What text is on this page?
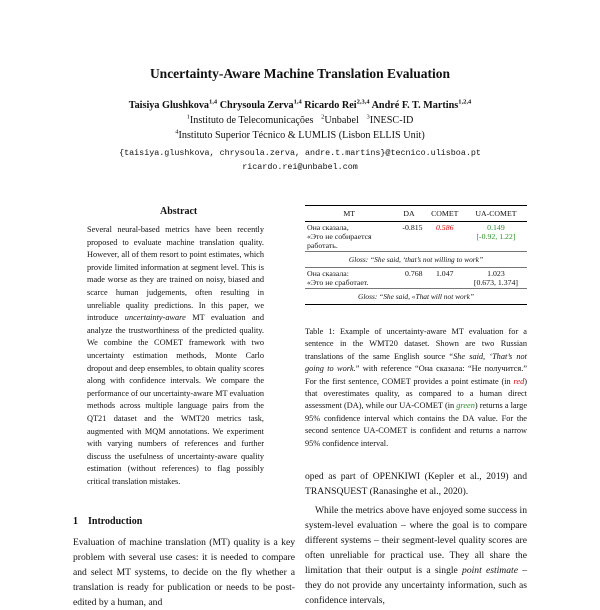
Uncertainty-Aware Machine Translation Evaluation
Taisiya Glushkova$^{1,4}$ Chrysoula Zerva$^{1,4}$ Ricardo Rei$^{2,3,4}$ André F. T. Martins$^{1,2,4}$
$^1$Instituto de Telecomunicações $^2$Unbabel $^3$INESC-ID
$^4$Instituto Superior Técnico & LUMLIS (Lisbon ELLIS Unit)
{taisiya.glushkova, chrysoula.zerva, andre.t.martins}@tecnico.ulisboa.pt
ricardo.rei@unbabel.com
Abstract

Several neural-based metrics have been recently proposed to evaluate machine translation quality. However, all of them resort to point estimates, which provide limited information at segment level. This is made worse as they are trained on noisy, biased and scarce human judgements, often resulting in unreliable quality predictions. In this paper, we introduce uncertainty-aware MT evaluation and analyze the trustworthiness of the predicted quality. We combine the COMET framework with two uncertainty estimation methods, Monte Carlo dropout and deep ensembles, to obtain quality scores along with confidence intervals. We compare the performance of our uncertainty-aware MT evaluation methods across multiple language pairs from the QT21 dataset and the WMT20 metrics task, augmented with MQM annotations. We experiment with varying numbers of references and further discuss the usefulness of uncertainty-aware quality estimation (without references) to flag possibly critical translation mistakes.

1 Introduction

Evaluation of machine translation (MT) quality is a key problem with several use cases: it is needed to compare and select MT systems, to decide on the fly whether a translation is ready for publication or needs to be post-edited by a human, and

MT	DA	COMET	UA-COMET
Она сказала,
«Это не собирается
работать.	-0.815	0.586	0.149
[-0.92, 1.22]
Gloss: “She said, ‘that’s not willing to work”			
Она сказала:
«Это не сработает.	0.768	1.047	1.023
[0.673, 1.374]
Gloss: “She said, «That will not work”			

Table 1: Example of uncertainty-aware MT evaluation for a sentence in the WMT20 dataset. Shown are two Russian translations of the same English source “She said, ‘That’s not going to work.” with reference “Она сказала: “Не получится.” For the first sentence, COMET provides a point estimate (in red) that overestimates quality, as compared to a human direct assessment (DA), while our UA-COMET (in green) returns a large 95% confidence interval which contains the DA value. For the second sentence UA-COMET is confident and returns a narrow 95% confidence interval.

oped as part of OPENKIWI (Kepler et al., 2019) and TRANSQUEST (Ranasinghe et al., 2020).

While the metrics above have enjoyed some success in system-level evaluation – where the goal is to compare different systems – their segment-level quality scores are often unreliable for practical use. They all share the limitation that their output is a single point estimate – they do not provide any uncertainty information, such as confidence intervals,
